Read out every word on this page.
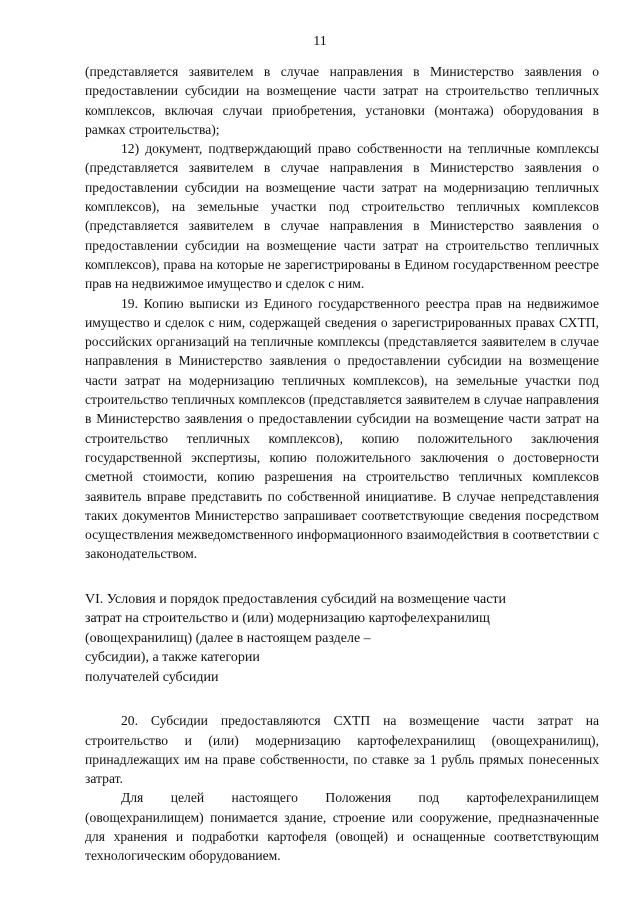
11

(представляется заявителем в случае направления в Министерство заявления о предоставлении субсидии на возмещение части затрат на строительство тепличных комплексов, включая случаи приобретения, установки (монтажа) оборудования в рамках строительства);

12) документ, подтверждающий право собственности на тепличные комплексы (представляется заявителем в случае направления в Министерство заявления о предоставлении субсидии на возмещение части затрат на модернизацию тепличных комплексов), на земельные участки под строительство тепличных комплексов (представляется заявителем в случае направления в Министерство заявления о предоставлении субсидии на возмещение части затрат на строительство тепличных комплексов), права на которые не зарегистрированы в Едином государственном реестре прав на недвижимое имущество и сделок с ним.

19. Копию выписки из Единого государственного реестра прав на недвижимое имущество и сделок с ним, содержащей сведения о зарегистрированных правах СХТП, российских организаций на тепличные комплексы (представляется заявителем в случае направления в Министерство заявления о предоставлении субсидии на возмещение части затрат на модернизацию тепличных комплексов), на земельные участки под строительство тепличных комплексов (представляется заявителем в случае направления в Министерство заявления о предоставлении субсидии на возмещение части затрат на строительство тепличных комплексов), копию положительного заключения государственной экспертизы, копию положительного заключения о достоверности сметной стоимости, копию разрешения на строительство тепличных комплексов заявитель вправе представить по собственной инициативе. В случае непредставления таких документов Министерство запрашивает соответствующие сведения посредством осуществления межведомственного информационного взаимодействия в соответствии с законодательством.

VI. Условия и порядок предоставления субсидий на возмещение части
затрат на строительство и (или) модернизацию картофелехранилищ
(овощехранилищ) (далее в настоящем разделе –
субсидии), а также категории
получателей субсидии

20. Субсидии предоставляются СХТП на возмещение части затрат на строительство и (или) модернизацию картофелехранилищ (овощехранилищ), принадлежащих им на праве собственности, по ставке за 1 рубль прямых понесенных затрат.

Для целей настоящего Положения под картофелехранилищем (овощехранилищем) понимается здание, строение или сооружение, предназначенные для хранения и подработки картофеля (овощей) и оснащенные соответствующим технологическим оборудованием.
